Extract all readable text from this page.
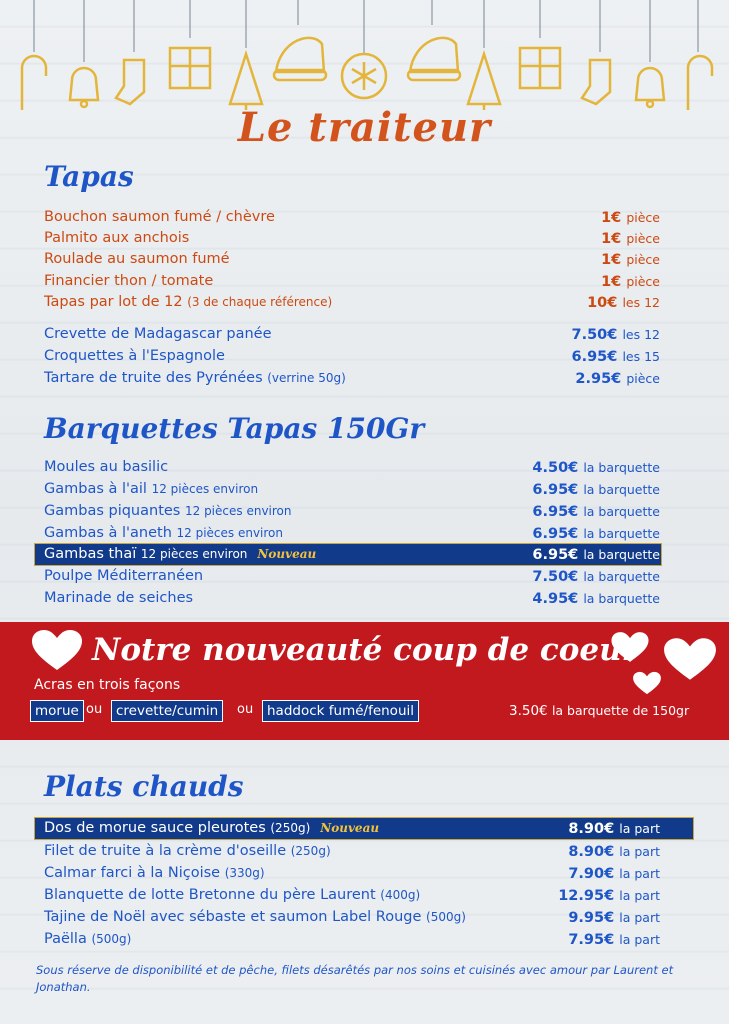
Le traiteur
Tapas
Bouchon saumon fumé / chèvre	1€ pièce
Palmito aux anchois	1€ pièce
Roulade au saumon fumé	1€ pièce
Financier thon / tomate	1€ pièce
Tapas par lot de 12 (3 de chaque référence)	10€ les 12
Crevette de Madagascar panée	7.50€ les 12
Croquettes à l'Espagnole	6.95€ les 15
Tartare de truite des Pyrénées (verrine 50g)	2.95€ pièce
Barquettes Tapas 150Gr
Moules au basilic	4.50€ la barquette
Gambas à l'ail 12 pièces environ	6.95€ la barquette
Gambas piquantes 12 pièces environ	6.95€ la barquette
Gambas à l'aneth 12 pièces environ	6.95€ la barquette
Gambas thaï 12 pièces environ Nouveau	6.95€ la barquette
Poulpe Méditerranéen	7.50€ la barquette
Marinade de seiches	4.95€ la barquette
Notre nouveauté coup de coeur
Acras en trois façons
morue ou	crevette/cumin	ou	haddock fumé/fenouil	3.50€ la barquette de 150gr
Plats chauds
Dos de morue sauce pleurotes (250g) Nouveau	8.90€ la part
Filet de truite à la crème d'oseille (250g)	8.90€ la part
Calmar farci à la Niçoise (330g)	7.90€ la part
Blanquette de lotte Bretonne du père Laurent (400g)	12.95€ la part
Tajine de Noël avec sébaste et saumon Label Rouge (500g)	9.95€ la part
Paëlla (500g)	7.95€ la part
Sous réserve de disponibilité et de pêche, filets désarêtés par nos soins et cuisinés avec amour par Laurent et Jonathan.
